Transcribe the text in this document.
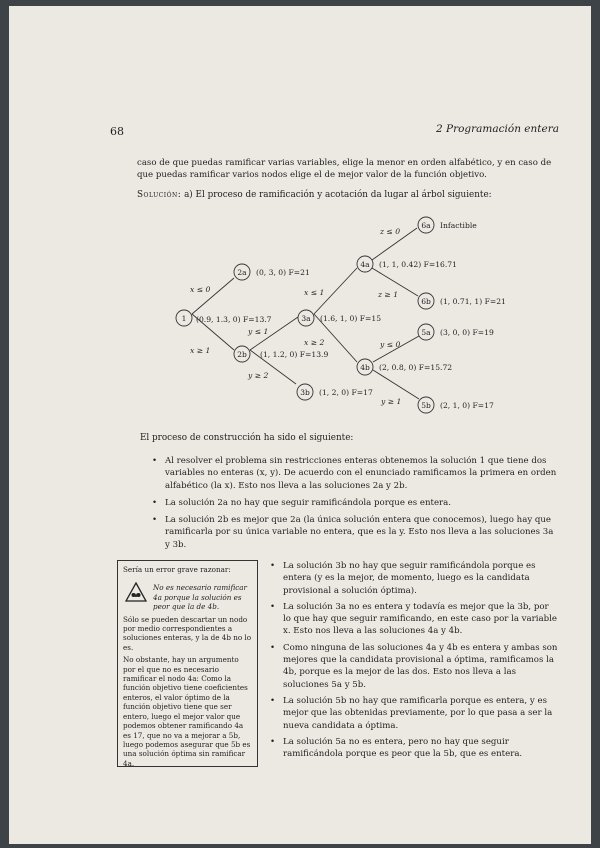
68	2 Programación entera

caso de que puedas ramificar varias variables, elige la menor en orden alfabético, y en caso de que puedas ramificar varios nodos elige el de mejor valor de la función objetivo.

Solución: a) El proceso de ramificación y acotación da lugar al árbol siguiente:
1
2a
2b
3a
3b
4a
4b
5a
5b
6a
6b
(0.9, 1.3, 0) F=13.7
(0, 3, 0) F=21
(1, 1.2, 0) F=13.9
(1.6, 1, 0) F=15
(1, 2, 0) F=17
(1, 1, 0.42) F=16.71
(2, 0.8, 0) F=15.72
(3, 0, 0) F=19
(2, 1, 0) F=17
Infactible
(1, 0.71, 1) F=21
x ≤ 0
x ≥ 1
y ≤ 1
y ≥ 2
x ≤ 1
x ≥ 2
z ≤ 0
z ≥ 1
y ≤ 0
y ≥ 1
El proceso de construcción ha sido el siguiente:
• Al resolver el problema sin restricciones enteras obtenemos la solución 1 que tiene dos variables no enteras (x, y). De acuerdo con el enunciado ramificamos la primera en orden alfabético (la x). Esto nos lleva a las soluciones 2a y 2b.
• La solución 2a no hay que seguir ramificándola porque es entera.
• La solución 2b es mejor que 2a (la única solución entera que conocemos), luego hay que ramificarla por su única variable no entera, que es la y. Esto nos lleva a las soluciones 3a y 3b.
Sería un error grave razonar:
No es necesario ramificar 4a porque la solución es peor que la de 4b.

Sólo se pueden descartar un nodo por medio correspondientes a soluciones enteras, y la de 4b no lo es.

No obstante, hay un argumento por el que no es necesario ramificar el nodo 4a: Como la función objetivo tiene coeficientes enteros, el valor óptimo de la función objetivo tiene que ser entero, luego el mejor valor que podemos obtener ramificando 4a es 17, que no va a mejorar a 5b, luego podemos asegurar que 5b es una solución óptima sin ramificar 4a.

• La solución 3b no hay que seguir ramificándola porque es entera (y es la mejor, de momento, luego es la candidata provisional a solución óptima).
• La solución 3a no es entera y todavía es mejor que la 3b, por lo que hay que seguir ramificando, en este caso por la variable x. Esto nos lleva a las soluciones 4a y 4b.
• Como ninguna de las soluciones 4a y 4b es entera y ambas son mejores que la candidata provisional a óptima, ramificamos la 4b, porque es la mejor de las dos. Esto nos lleva a las soluciones 5a y 5b.
• La solución 5b no hay que ramificarla porque es entera, y es mejor que las obtenidas previamente, por lo que pasa a ser la nueva candidata a óptima.
• La solución 5a no es entera, pero no hay que seguir ramificándola porque es peor que la 5b, que es entera.
